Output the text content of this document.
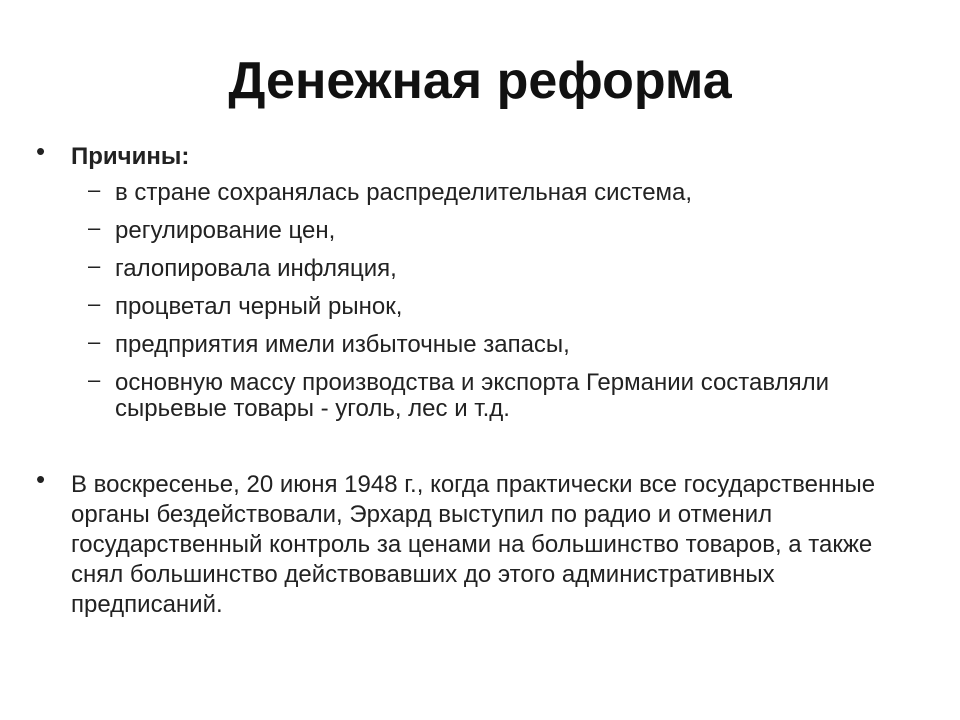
Денежная реформа
• Причины:
– в стране сохранялась распределительная система,
– регулирование цен,
– галопировала инфляция,
– процветал черный рынок,
– предприятия имели избыточные запасы,
– основную массу производства и экспорта Германии составляли сырьевые товары - уголь, лес и т.д.
• В воскресенье, 20 июня 1948 г., когда практически все государственные органы бездействовали, Эрхард выступил по радио и отменил государственный контроль за ценами на большинство товаров, а также снял большинство действовавших до этого административных предписаний.
